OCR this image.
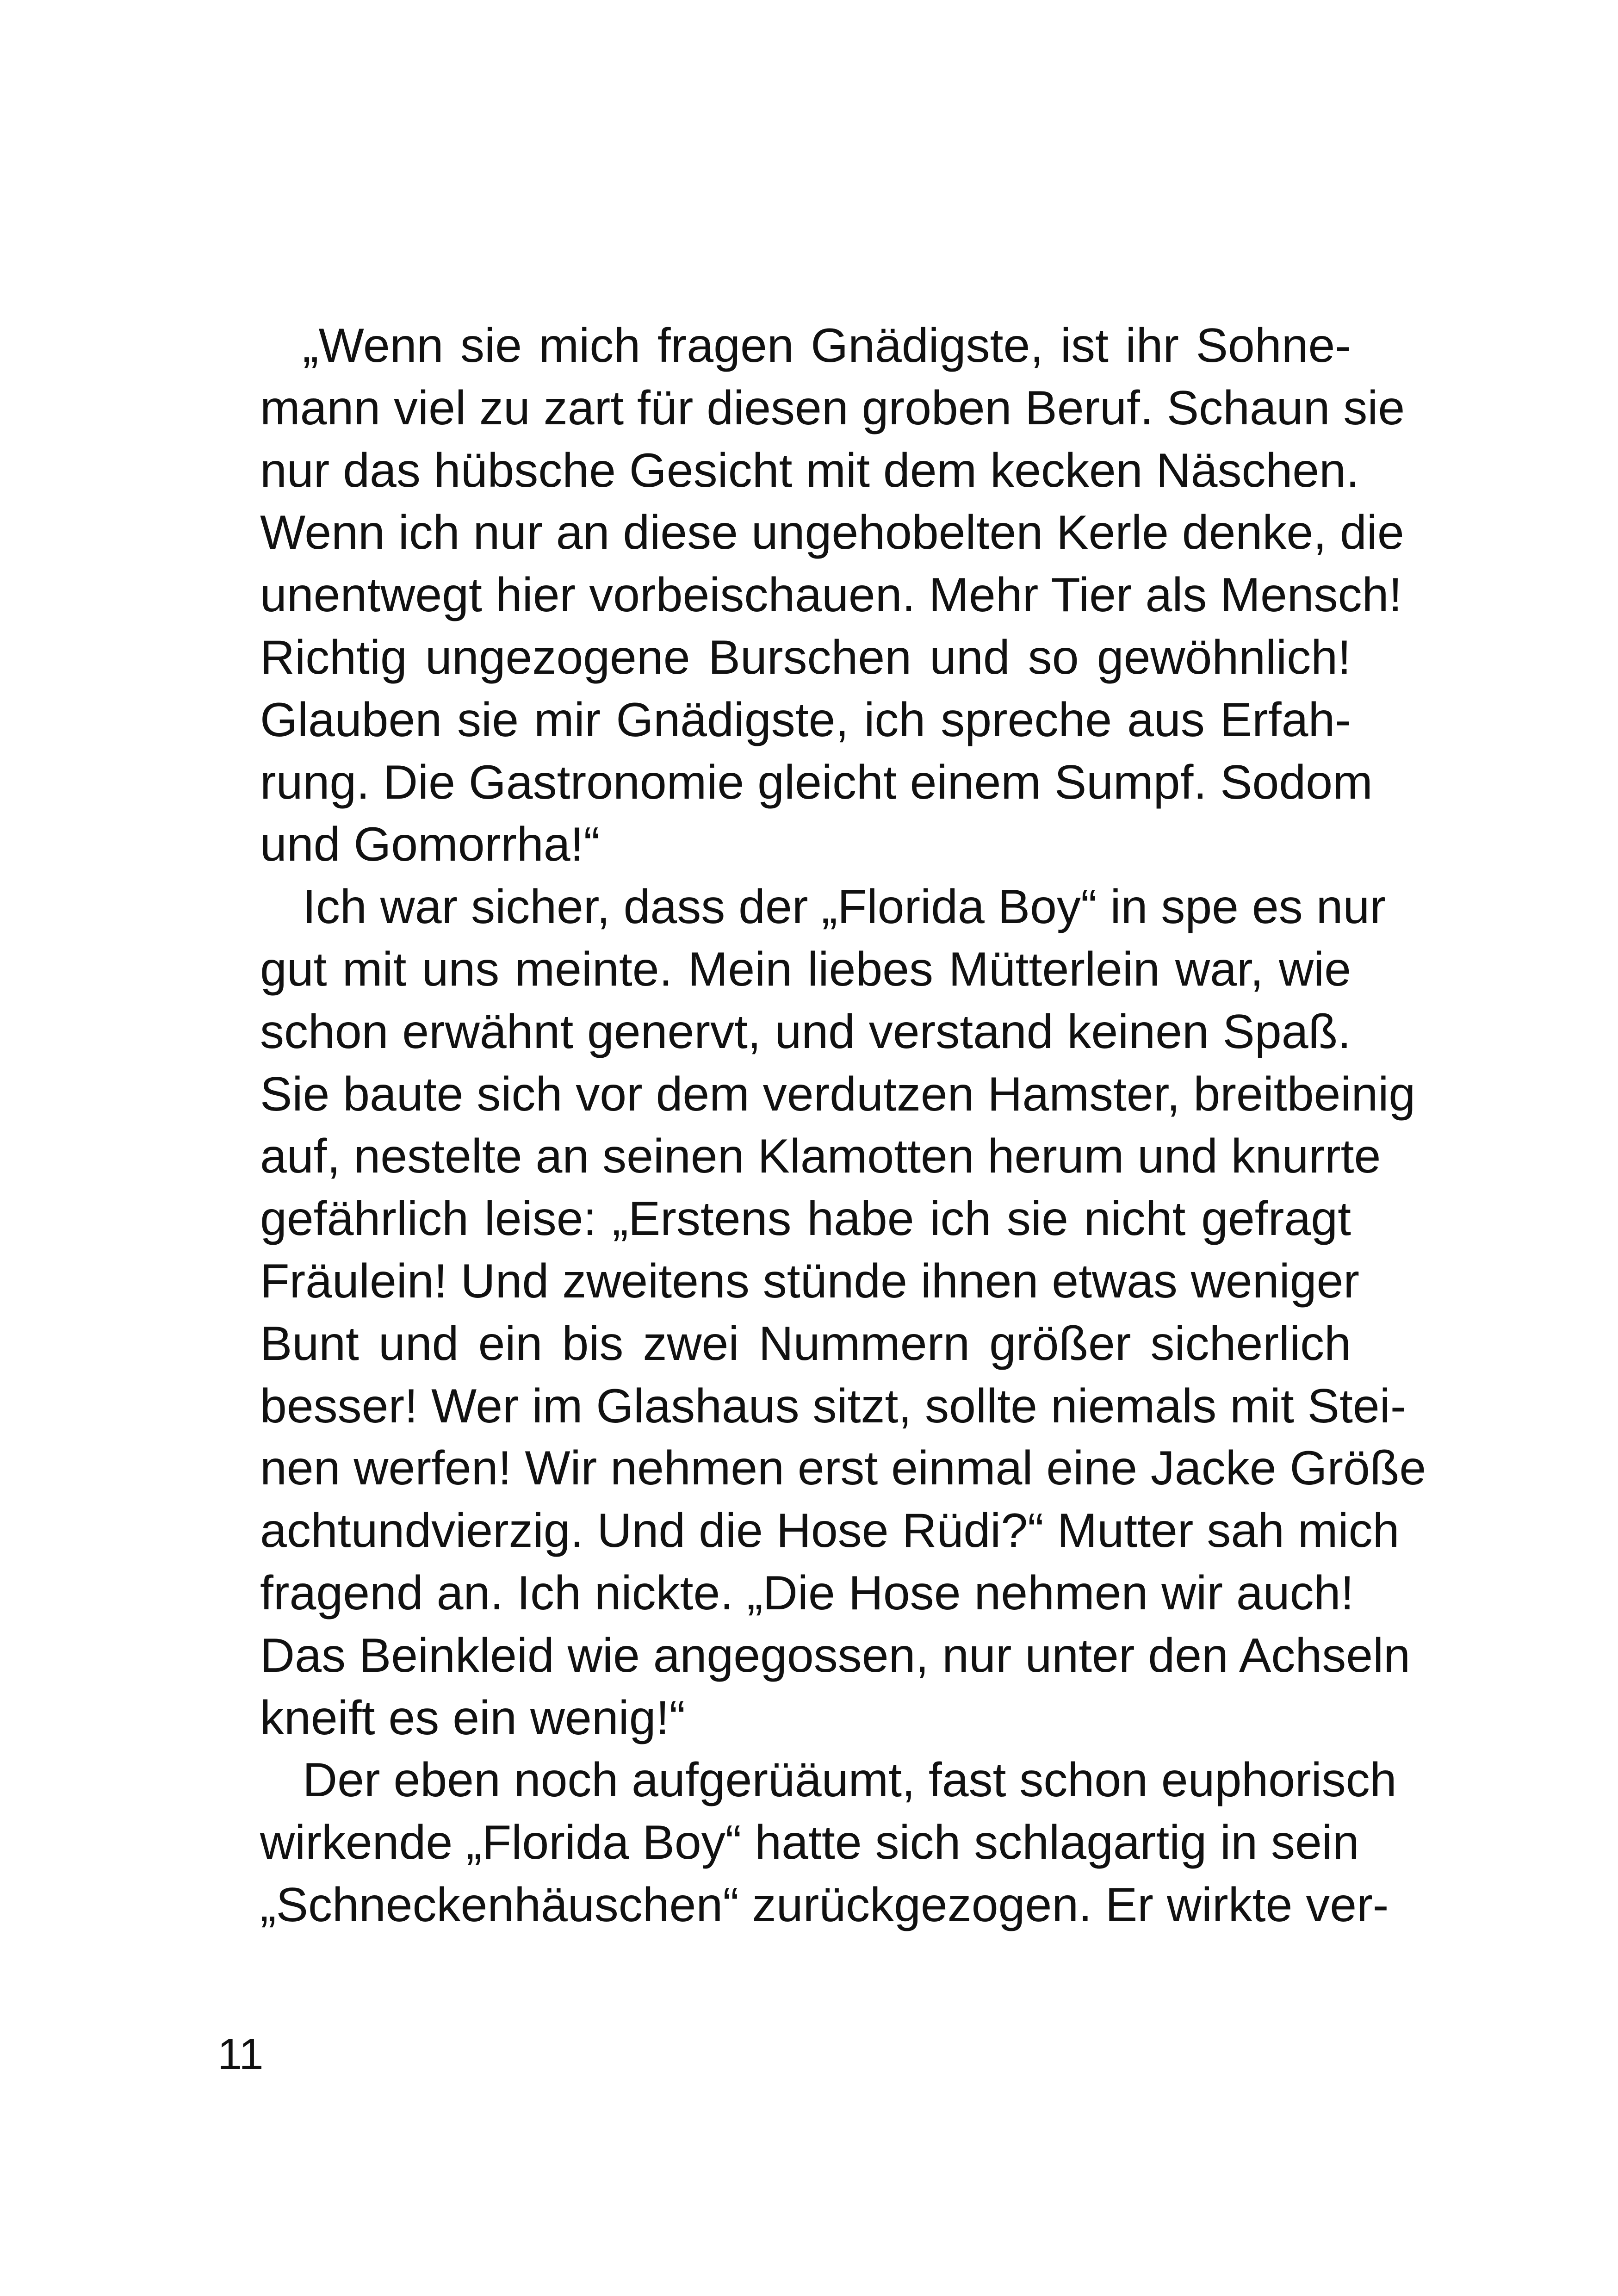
„Wenn sie mich fragen Gnädigste, ist ihr Sohne-
mann viel zu zart für diesen groben Beruf. Schaun sie
nur das hübsche Gesicht mit dem kecken Näschen.
Wenn ich nur an diese ungehobelten Kerle denke, die
unentwegt hier vorbeischauen. Mehr Tier als Mensch!
Richtig ungezogene Burschen und so gewöhnlich!
Glauben sie mir Gnädigste, ich spreche aus Erfah-
rung. Die Gastronomie gleicht einem Sumpf. Sodom
und Gomorrha!“
Ich war sicher, dass der „Florida Boy“ in spe es nur
gut mit uns meinte. Mein liebes Mütterlein war, wie
schon erwähnt genervt, und verstand keinen Spaß.
Sie baute sich vor dem verdutzen Hamster, breitbeinig
auf, nestelte an seinen Klamotten herum und knurrte
gefährlich leise: „Erstens habe ich sie nicht gefragt
Fräulein! Und zweitens stünde ihnen etwas weniger
Bunt und ein bis zwei Nummern größer sicherlich
besser! Wer im Glashaus sitzt, sollte niemals mit Stei-
nen werfen! Wir nehmen erst einmal eine Jacke Größe
achtundvierzig. Und die Hose Rüdi?“ Mutter sah mich
fragend an. Ich nickte. „Die Hose nehmen wir auch!
Das Beinkleid wie angegossen, nur unter den Achseln
kneift es ein wenig!“
Der eben noch aufgerüäumt, fast schon euphorisch
wirkende „Florida Boy“ hatte sich schlagartig in sein
„Schneckenhäuschen“ zurückgezogen. Er wirkte ver-
11
